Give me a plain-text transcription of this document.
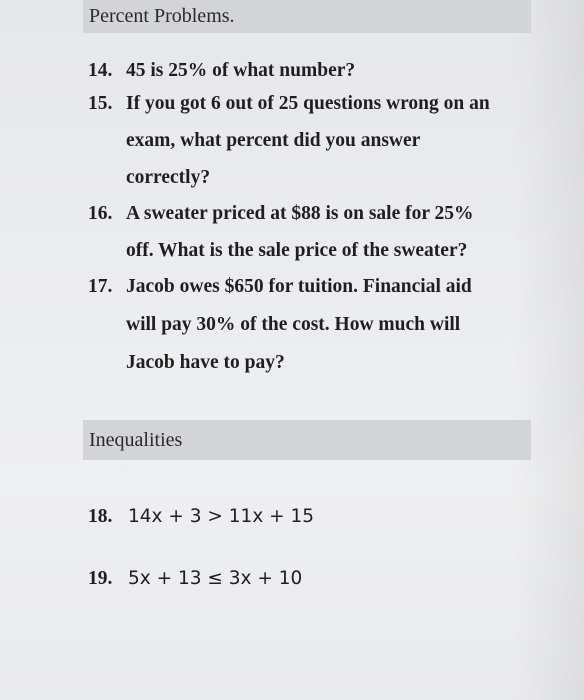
Percent Problems.
14. 45 is 25% of what number?
15. If you got 6 out of 25 questions wrong on an
exam, what percent did you answer
correctly?
16. A sweater priced at $88 is on sale for 25%
off. What is the sale price of the sweater?
17. Jacob owes $650 for tuition. Financial aid
will pay 30% of the cost. How much will
Jacob have to pay?
Inequalities
18. 14x + 3 > 11x + 15
19. 5x + 13 ≤ 3x + 10
